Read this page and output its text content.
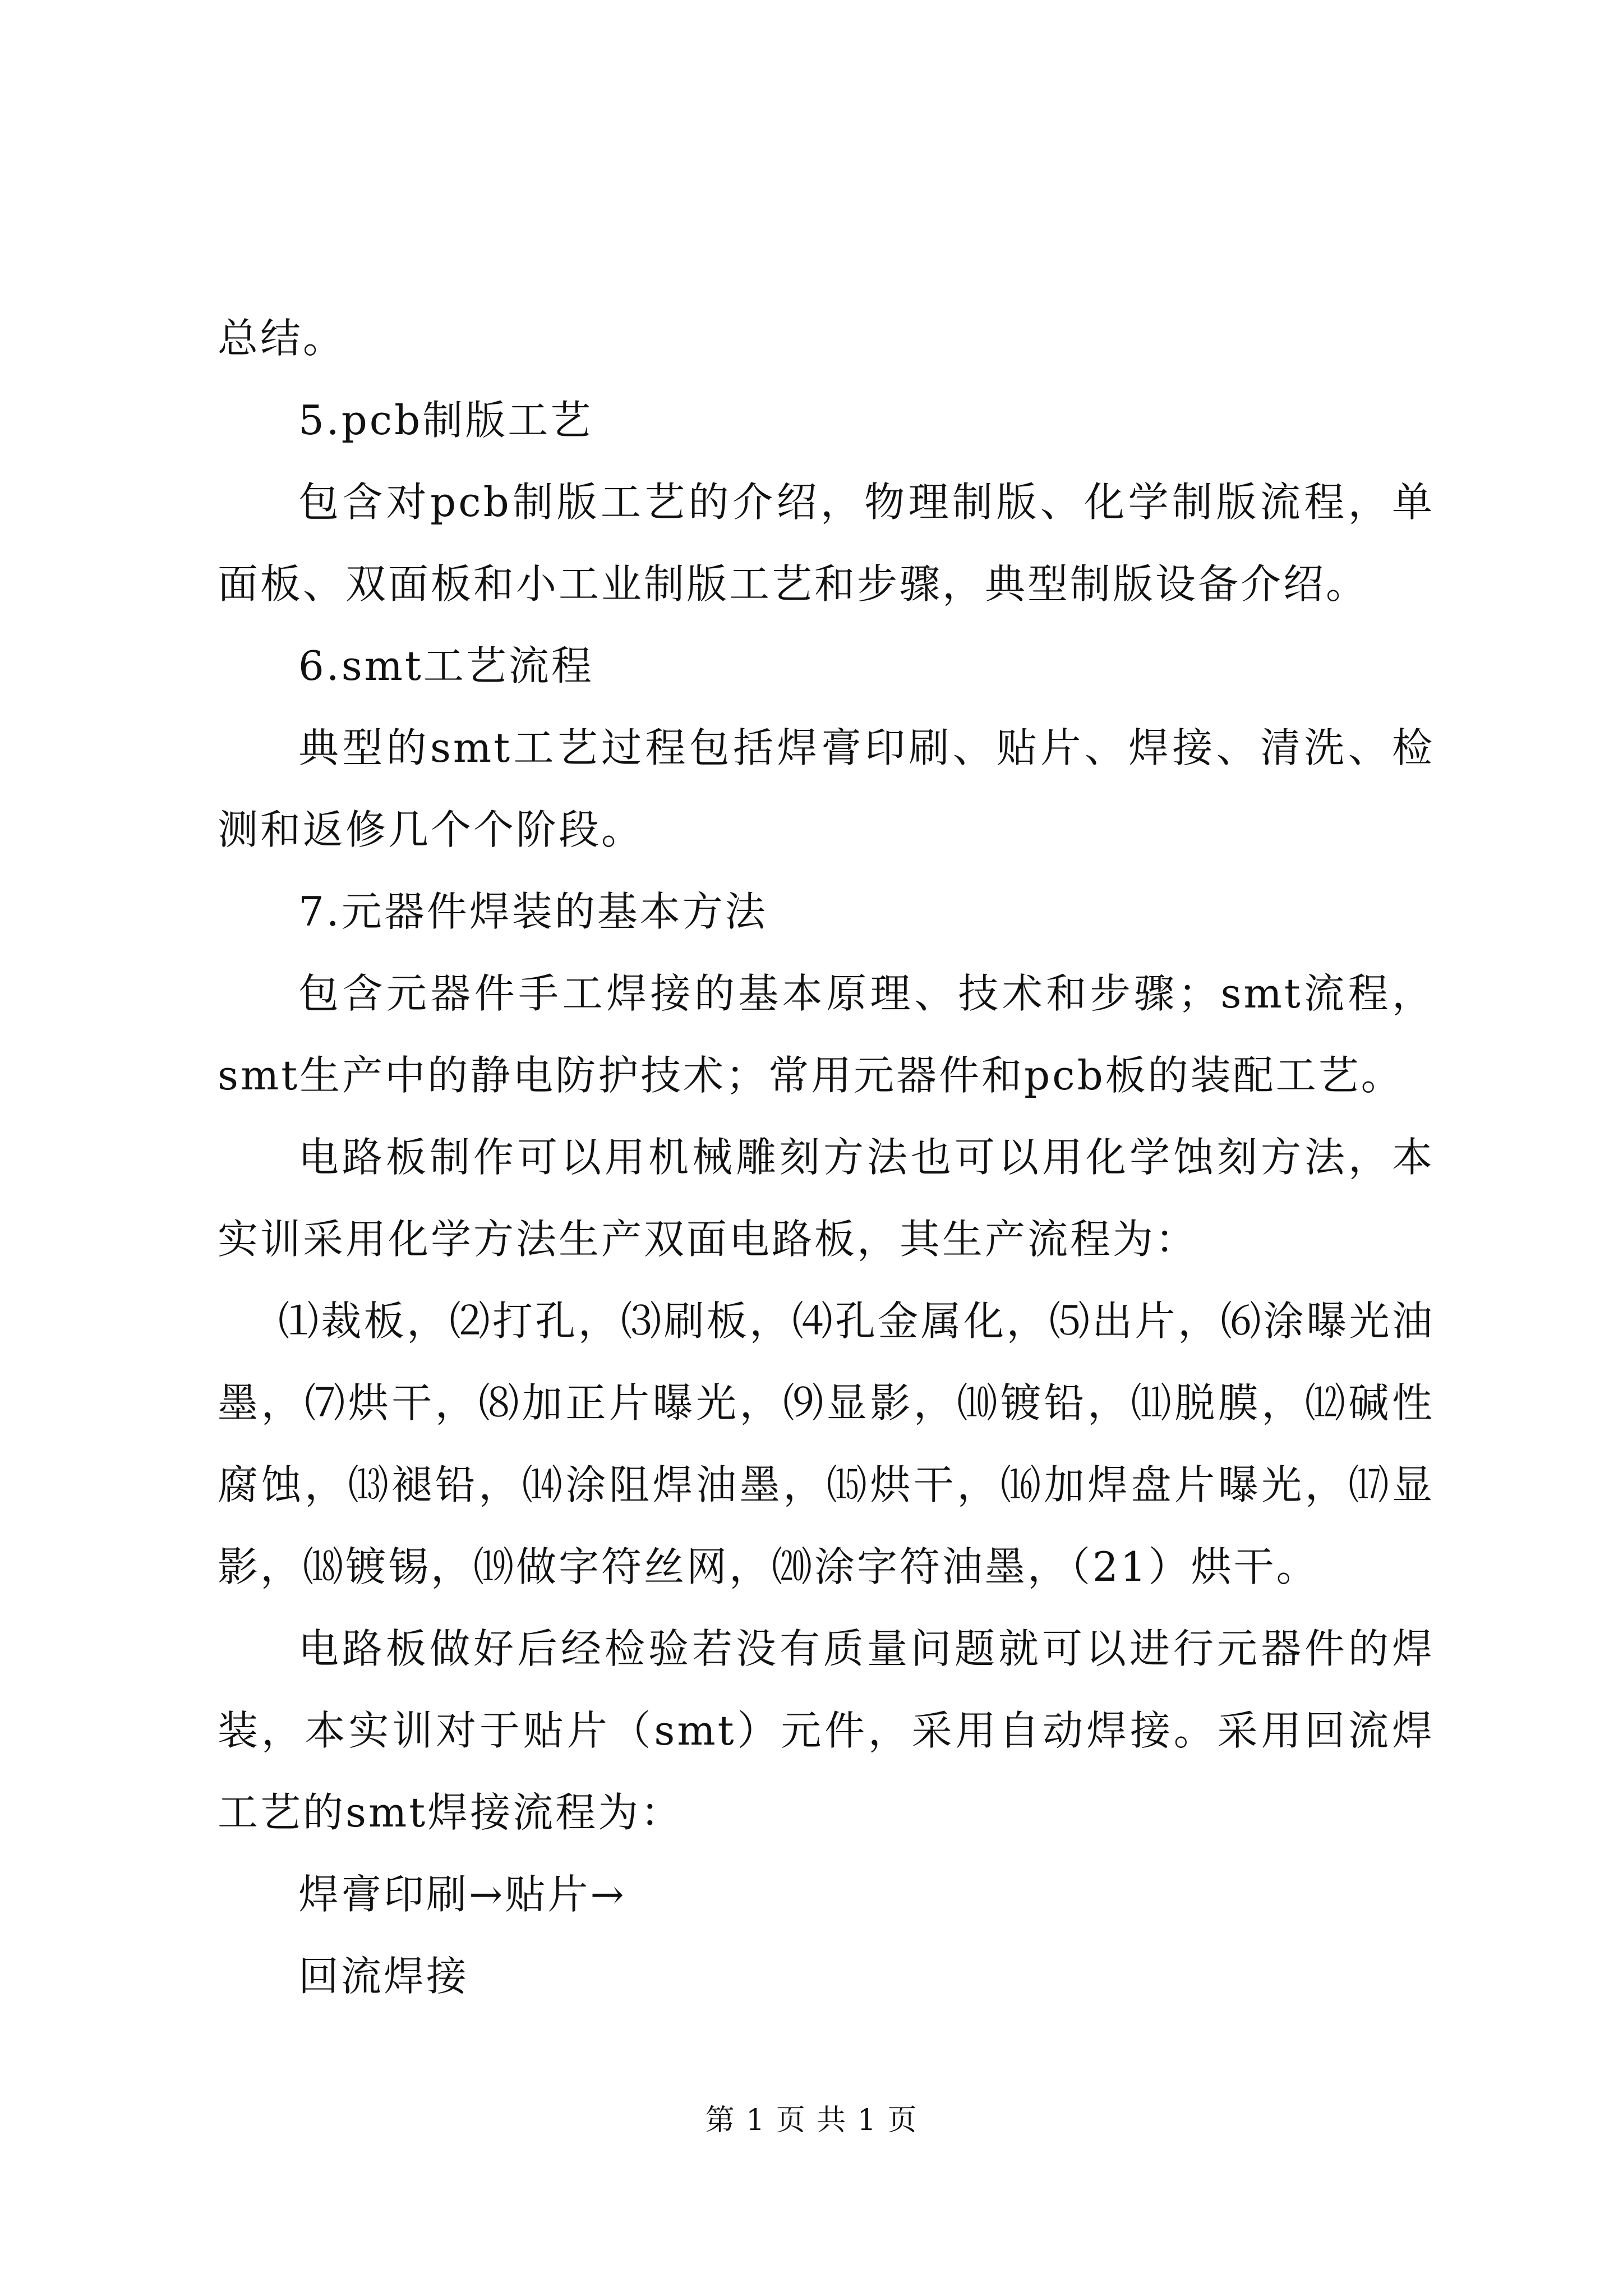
总结。

5.pcb制版工艺

包含对pcb制版工艺的介绍，物理制版、化学制版流程，单面板、双面板和小工业制版工艺和步骤，典型制版设备介绍。

6.smt工艺流程

典型的smt工艺过程包括焊膏印刷、贴片、焊接、清洗、检测和返修几个个阶段。

7.元器件焊装的基本方法

包含元器件手工焊接的基本原理、技术和步骤；smt流程，smt生产中的静电防护技术；常用元器件和pcb板的装配工艺。

电路板制作可以用机械雕刻方法也可以用化学蚀刻方法，本实训采用化学方法生产双面电路板，其生产流程为：

⑴裁板，⑵打孔，⑶刷板，⑷孔金属化，⑸出片，⑹涂曝光油墨，⑺烘干，⑻加正片曝光，⑼显影，⑽镀铅，⑾脱膜，⑿碱性腐蚀，⒀褪铅，⒁涂阻焊油墨，⒂烘干，⒃加焊盘片曝光，⒄显影，⒅镀锡，⒆做字符丝网，⒇涂字符油墨，（21）烘干。

电路板做好后经检验若没有质量问题就可以进行元器件的焊装，本实训对于贴片（smt）元件，采用自动焊接。采用回流焊工艺的smt焊接流程为：

焊膏印刷→贴片→

回流焊接

第 1 页 共 1 页
